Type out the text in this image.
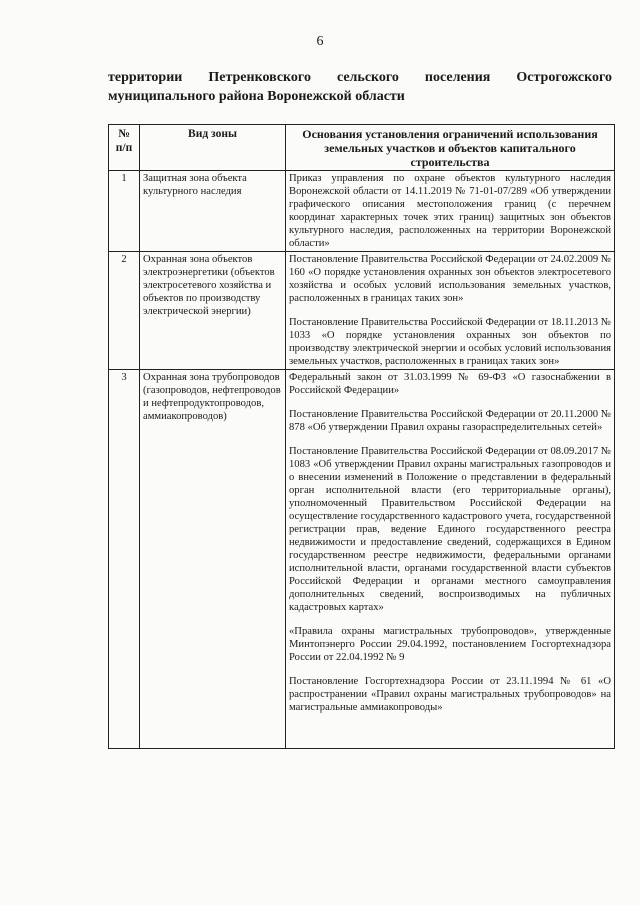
6
территории Петренковского сельского поселения Острогожского муниципального района Воронежской области
№ п/п	Вид зоны	Основания установления ограничений использования земельных участков и объектов капитального строительства
1	Защитная зона объекта культурного наследия	Приказ управления по охране объектов культурного наследия Воронежской области от 14.11.2019 № 71-01-07/289 «Об утверждении графического описания местоположения границ (с перечнем координат характерных точек этих границ) защитных зон объектов культурного наследия, расположенных на территории Воронежской области»

2	Охранная зона объектов электроэнергетики (объектов электросетевого хозяйства и объектов по производству электрической энергии)	Постановление Правительства Российской Федерации от 24.02.2009 № 160 «О порядке установления охранных зон объектов электросетевого хозяйства и особых условий использования земельных участков, расположенных в границах таких зон»

Постановление Правительства Российской Федерации от 18.11.2013 № 1033 «О порядке установления охранных зон объектов по производству электрической энергии и особых условий использования земельных участков, расположенных в границах таких зон»

3	Охранная зона трубопроводов (газопроводов, нефтепроводов и нефтепродуктопроводов, аммиакопроводов)	Федеральный закон от 31.03.1999 № 69-ФЗ «О газоснабжении в Российской Федерации»

Постановление Правительства Российской Федерации от 20.11.2000 № 878 «Об утверждении Правил охраны газораспределительных сетей»

Постановление Правительства Российской Федерации от 08.09.2017 № 1083 «Об утверждении Правил охраны магистральных газопроводов и о внесении изменений в Положение о представлении в федеральный орган исполнительной власти (его территориальные органы), уполномоченный Правительством Российской Федерации на осуществление государственного кадастрового учета, государственной регистрации прав, ведение Единого государственного реестра недвижимости и предоставление сведений, содержащихся в Едином государственном реестре недвижимости, федеральными органами исполнительной власти, органами государственной власти субъектов Российской Федерации и органами местного самоуправления дополнительных сведений, воспроизводимых на публичных кадастровых картах»

«Правила охраны магистральных трубопроводов», утвержденные Минтопэнерго России 29.04.1992, постановлением Госгортехнадзора России от 22.04.1992 № 9

Постановление Госгортехнадзора России от 23.11.1994 № 61 «О распространении «Правил охраны магистральных трубопроводов» на магистральные аммиакопроводы»
